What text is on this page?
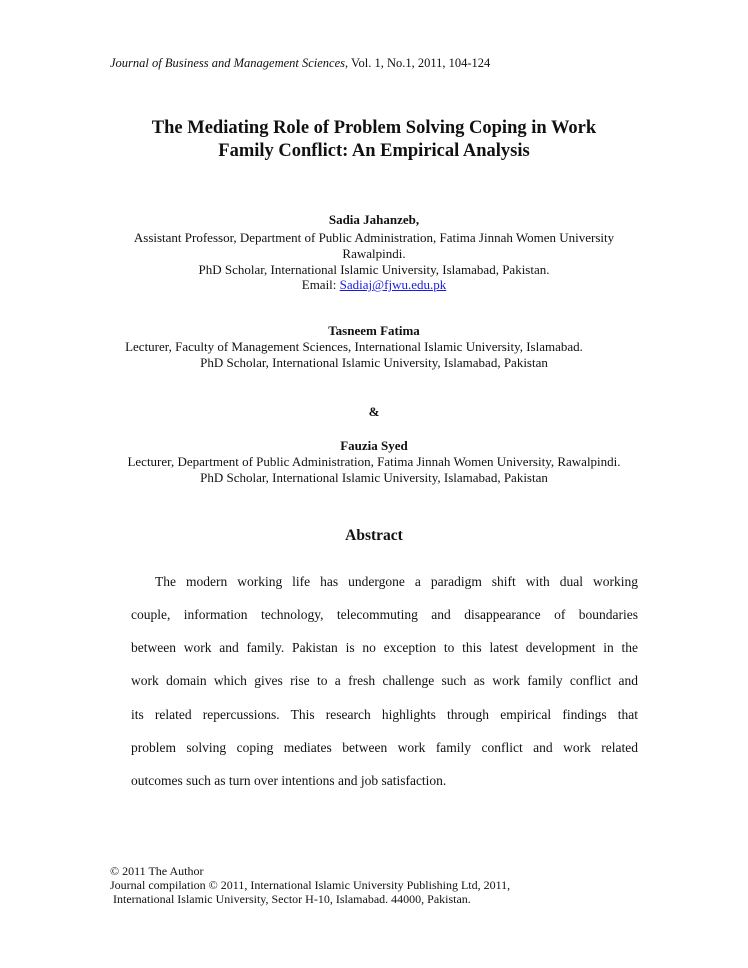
Journal of Business and Management Sciences, Vol. 1, No.1, 2011, 104-124
The Mediating Role of Problem Solving Coping in Work
Family Conflict: An Empirical Analysis
Sadia Jahanzeb,
Assistant Professor, Department of Public Administration, Fatima Jinnah Women University
Rawalpindi.
PhD Scholar, International Islamic University, Islamabad, Pakistan.
Email: Sadiaj@fjwu.edu.pk
Tasneem Fatima
Lecturer, Faculty of Management Sciences, International Islamic University, Islamabad.
PhD Scholar, International Islamic University, Islamabad, Pakistan
&
Fauzia Syed
Lecturer, Department of Public Administration, Fatima Jinnah Women University, Rawalpindi.
PhD Scholar, International Islamic University, Islamabad, Pakistan
Abstract
The modern working life has undergone a paradigm shift with dual working
couple, information technology, telecommuting and disappearance of boundaries
between work and family. Pakistan is no exception to this latest development in the
work domain which gives rise to a fresh challenge such as work family conflict and
its related repercussions. This research highlights through empirical findings that
problem solving coping mediates between work family conflict and work related
outcomes such as turn over intentions and job satisfaction.
© 2011 The Author
Journal compilation © 2011, International Islamic University Publishing Ltd, 2011,
International Islamic University, Sector H-10, Islamabad. 44000, Pakistan.
